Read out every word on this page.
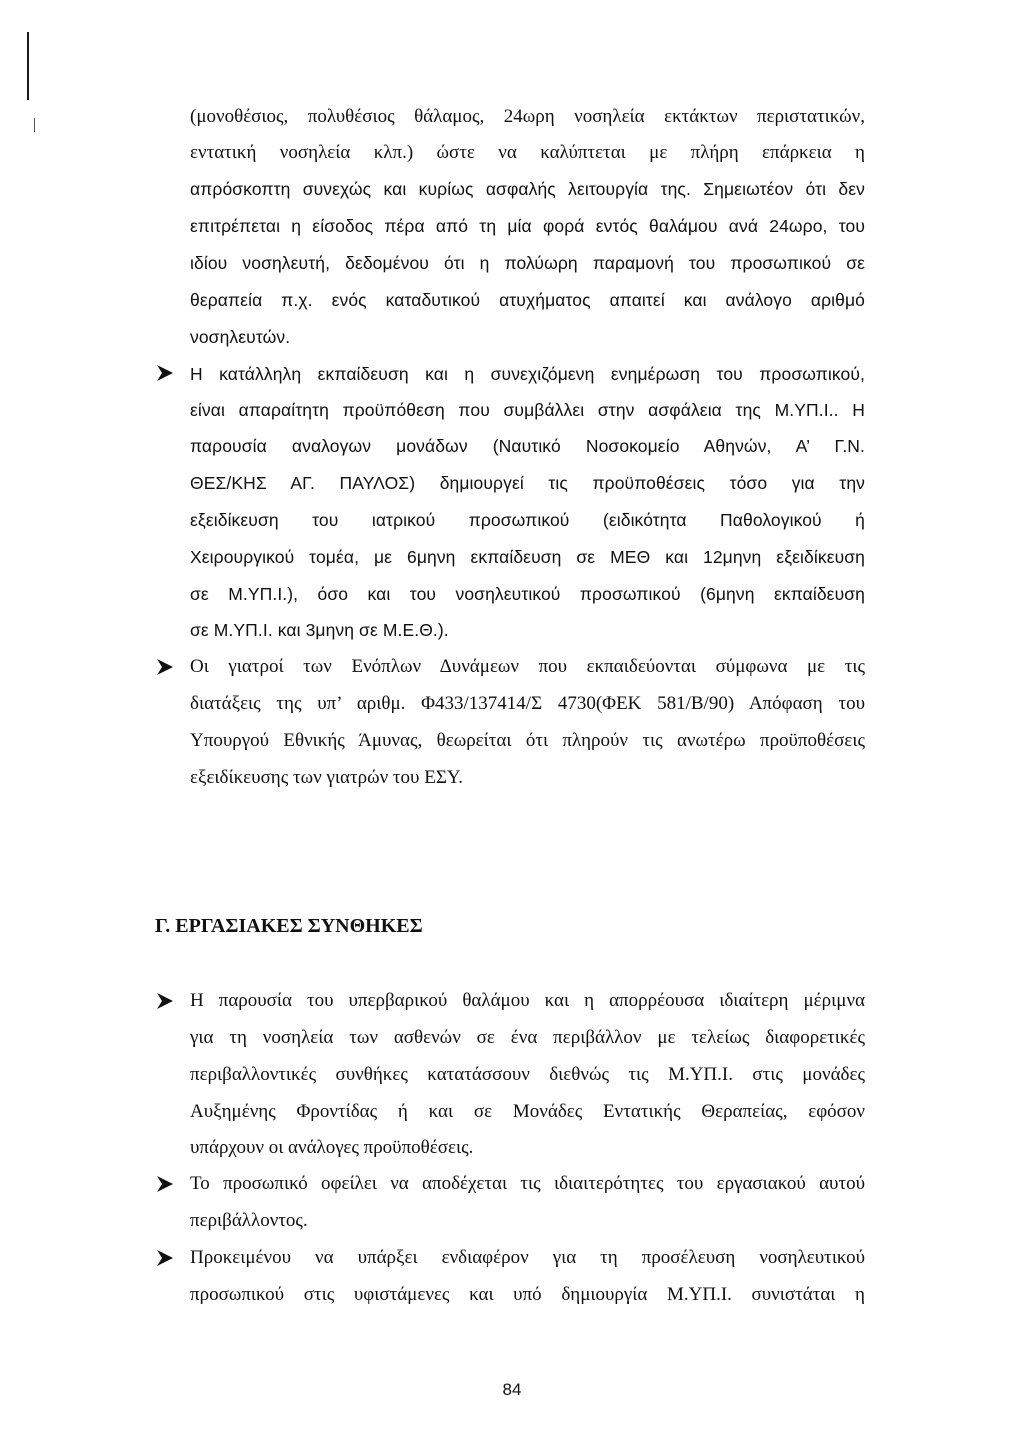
(μονοθέσιος, πολυθέσιος θάλαμος, 24ωρη νοσηλεία εκτάκτων περιστατικών,
εντατική νοσηλεία κλπ.) ώστε να καλύπτεται με πλήρη επάρκεια η
απρόσκοπτη συνεχώς και κυρίως ασφαλής λειτουργία της. Σημειωτέον ότι δεν
επιτρέπεται η είσοδος πέρα από τη μία φορά εντός θαλάμου ανά 24ωρο, του
ιδίου νοσηλευτή, δεδομένου ότι η πολύωρη παραμονή του προσωπικού σε
θεραπεία π.χ. ενός καταδυτικού ατυχήματος απαιτεί και ανάλογο αριθμό
νοσηλευτών.
Η κατάλληλη εκπαίδευση και η συνεχιζόμενη ενημέρωση του προσωπικού,
είναι απαραίτητη προϋπόθεση που συμβάλλει στην ασφάλεια της Μ.ΥΠ.Ι.. Η
παρουσία αναλογων μονάδων (Ναυτικό Νοσοκομείο Αθηνών, Α’ Γ.Ν.
ΘΕΣ/ΚΗΣ ΑΓ. ΠΑΥΛΟΣ) δημιουργεί τις προϋποθέσεις τόσο για την
εξειδίκευση του ιατρικού προσωπικού (ειδικότητα Παθολογικού ή
Χειρουργικού τομέα, με 6μηνη εκπαίδευση σε ΜΕΘ και 12μηνη εξειδίκευση
σε Μ.ΥΠ.Ι.), όσο και του νοσηλευτικού προσωπικού (6μηνη εκπαίδευση
σε Μ.ΥΠ.Ι. και 3μηνη σε Μ.Ε.Θ.).
Οι γιατροί των Ενόπλων Δυνάμεων που εκπαιδεύονται σύμφωνα με τις
διατάξεις της υπ’ αριθμ. Φ433/137414/Σ 4730(ΦΕΚ 581/Β/90) Απόφαση του
Υπουργού Εθνικής Άμυνας, θεωρείται ότι πληρούν τις ανωτέρω προϋποθέσεις
εξειδίκευσης των γιατρών του ΕΣΥ.
Γ. ΕΡΓΑΣΙΑΚΕΣ ΣΥΝΘΗΚΕΣ
Η παρουσία του υπερβαρικού θαλάμου και η απορρέουσα ιδιαίτερη μέριμνα
για τη νοσηλεία των ασθενών σε ένα περιβάλλον με τελείως διαφορετικές
περιβαλλοντικές συνθήκες κατατάσσουν διεθνώς τις Μ.ΥΠ.Ι. στις μονάδες
Αυξημένης Φροντίδας ή και σε Μονάδες Εντατικής Θεραπείας, εφόσον
υπάρχουν οι ανάλογες προϋποθέσεις.
Το προσωπικό οφείλει να αποδέχεται τις ιδιαιτερότητες του εργασιακού αυτού
περιβάλλοντος.
Προκειμένου να υπάρξει ενδιαφέρον για τη προσέλευση νοσηλευτικού
προσωπικού στις υφιστάμενες και υπό δημιουργία Μ.ΥΠ.Ι. συνιστάται η
84
